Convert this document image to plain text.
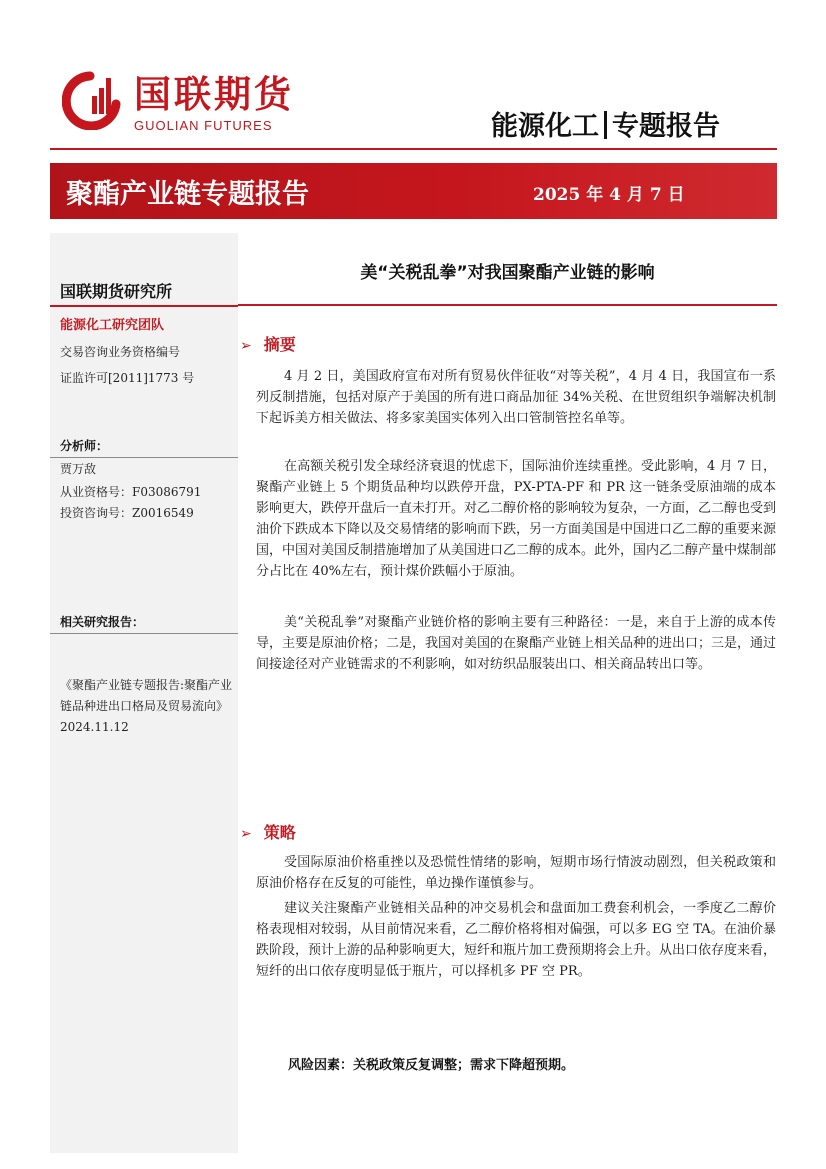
国联期货
GUOLIAN FUTURES	能源化工 专题报告
聚酯产业链专题报告	2025 年 4 月 7 日
国联期货研究所
能源化工研究团队
交易咨询业务资格编号
证监许可[2011]1773 号
分析师：
贾万敌
从业资格号：F03086791
投资咨询号：Z0016549
相关研究报告：
《聚酯产业链专题报告:聚酯产业链品种进出口格局及贸易流向》2024.11.12
美“关税乱拳”对我国聚酯产业链的影响
➢ 摘要

4 月 2 日，美国政府宣布对所有贸易伙伴征收“对等关税”，4 月 4 日，我国宣布一系列反制措施，包括对原产于美国的所有进口商品加征 34%关税、在世贸组织争端解决机制下起诉美方相关做法、将多家美国实体列入出口管制管控名单等。

在高额关税引发全球经济衰退的忧虑下，国际油价连续重挫。受此影响，4 月 7 日，聚酯产业链上 5 个期货品种均以跌停开盘，PX-PTA-PF 和 PR 这一链条受原油端的成本影响更大，跌停开盘后一直未打开。对乙二醇价格的影响较为复杂，一方面，乙二醇也受到油价下跌成本下降以及交易情绪的影响而下跌，另一方面美国是中国进口乙二醇的重要来源国，中国对美国反制措施增加了从美国进口乙二醇的成本。此外，国内乙二醇产量中煤制部分占比在 40%左右，预计煤价跌幅小于原油。

美“关税乱拳”对聚酯产业链价格的影响主要有三种路径：一是，来自于上游的成本传导，主要是原油价格；二是，我国对美国的在聚酯产业链上相关品种的进出口；三是，通过间接途径对产业链需求的不利影响，如对纺织品服装出口、相关商品转出口等。

➢ 策略

受国际原油价格重挫以及恐慌性情绪的影响，短期市场行情波动剧烈，但关税政策和原油价格存在反复的可能性，单边操作谨慎参与。

建议关注聚酯产业链相关品种的冲交易机会和盘面加工费套利机会，一季度乙二醇价格表现相对较弱，从目前情况来看，乙二醇价格将相对偏强，可以多 EG 空 TA。在油价暴跌阶段，预计上游的品种影响更大，短纤和瓶片加工费预期将会上升。从出口依存度来看，短纤的出口依存度明显低于瓶片，可以择机多 PF 空 PR。

风险因素：关税政策反复调整；需求下降超预期。
